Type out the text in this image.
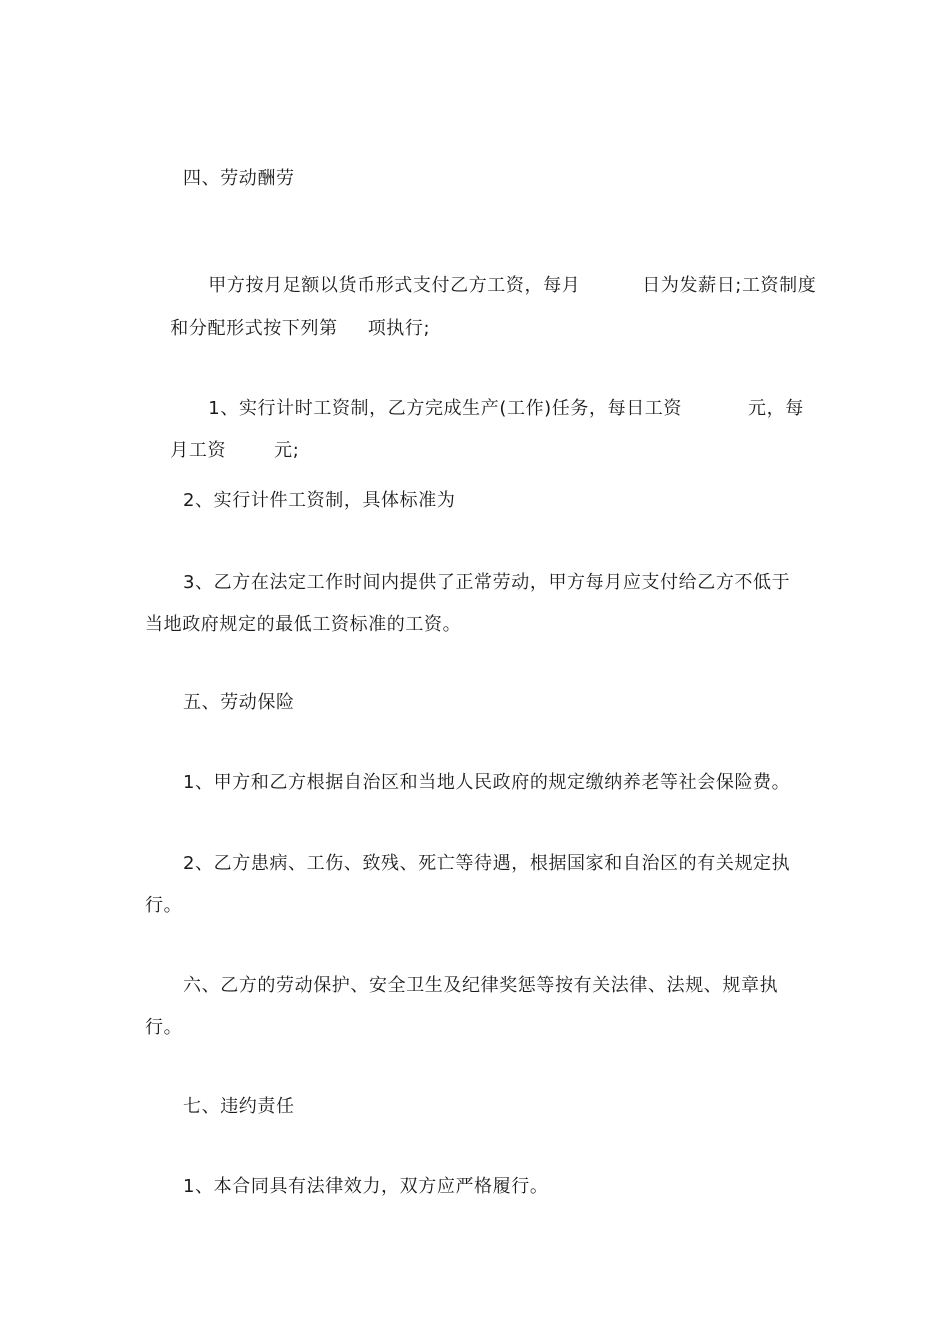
四、劳动酬劳

甲方按月足额以货币形式支付乙方工资，每月	日为发薪日;工资制度

和分配形式按下列第 项执行;

1、实行计时工资制，乙方完成生产(工作)任务，每日工资	元，每

月工资	元;

2、实行计件工资制，具体标准为
3、乙方在法定工作时间内提供了正常劳动，甲方每月应支付给乙方不低于
当地政府规定的最低工资标准的工资。
五、劳动保险
1、甲方和乙方根据自治区和当地人民政府的规定缴纳养老等社会保险费。
2、乙方患病、工伤、致残、死亡等待遇，根据国家和自治区的有关规定执
行。
六、乙方的劳动保护、安全卫生及纪律奖惩等按有关法律、法规、规章执
行。
七、违约责任
1、本合同具有法律效力，双方应严格履行。
